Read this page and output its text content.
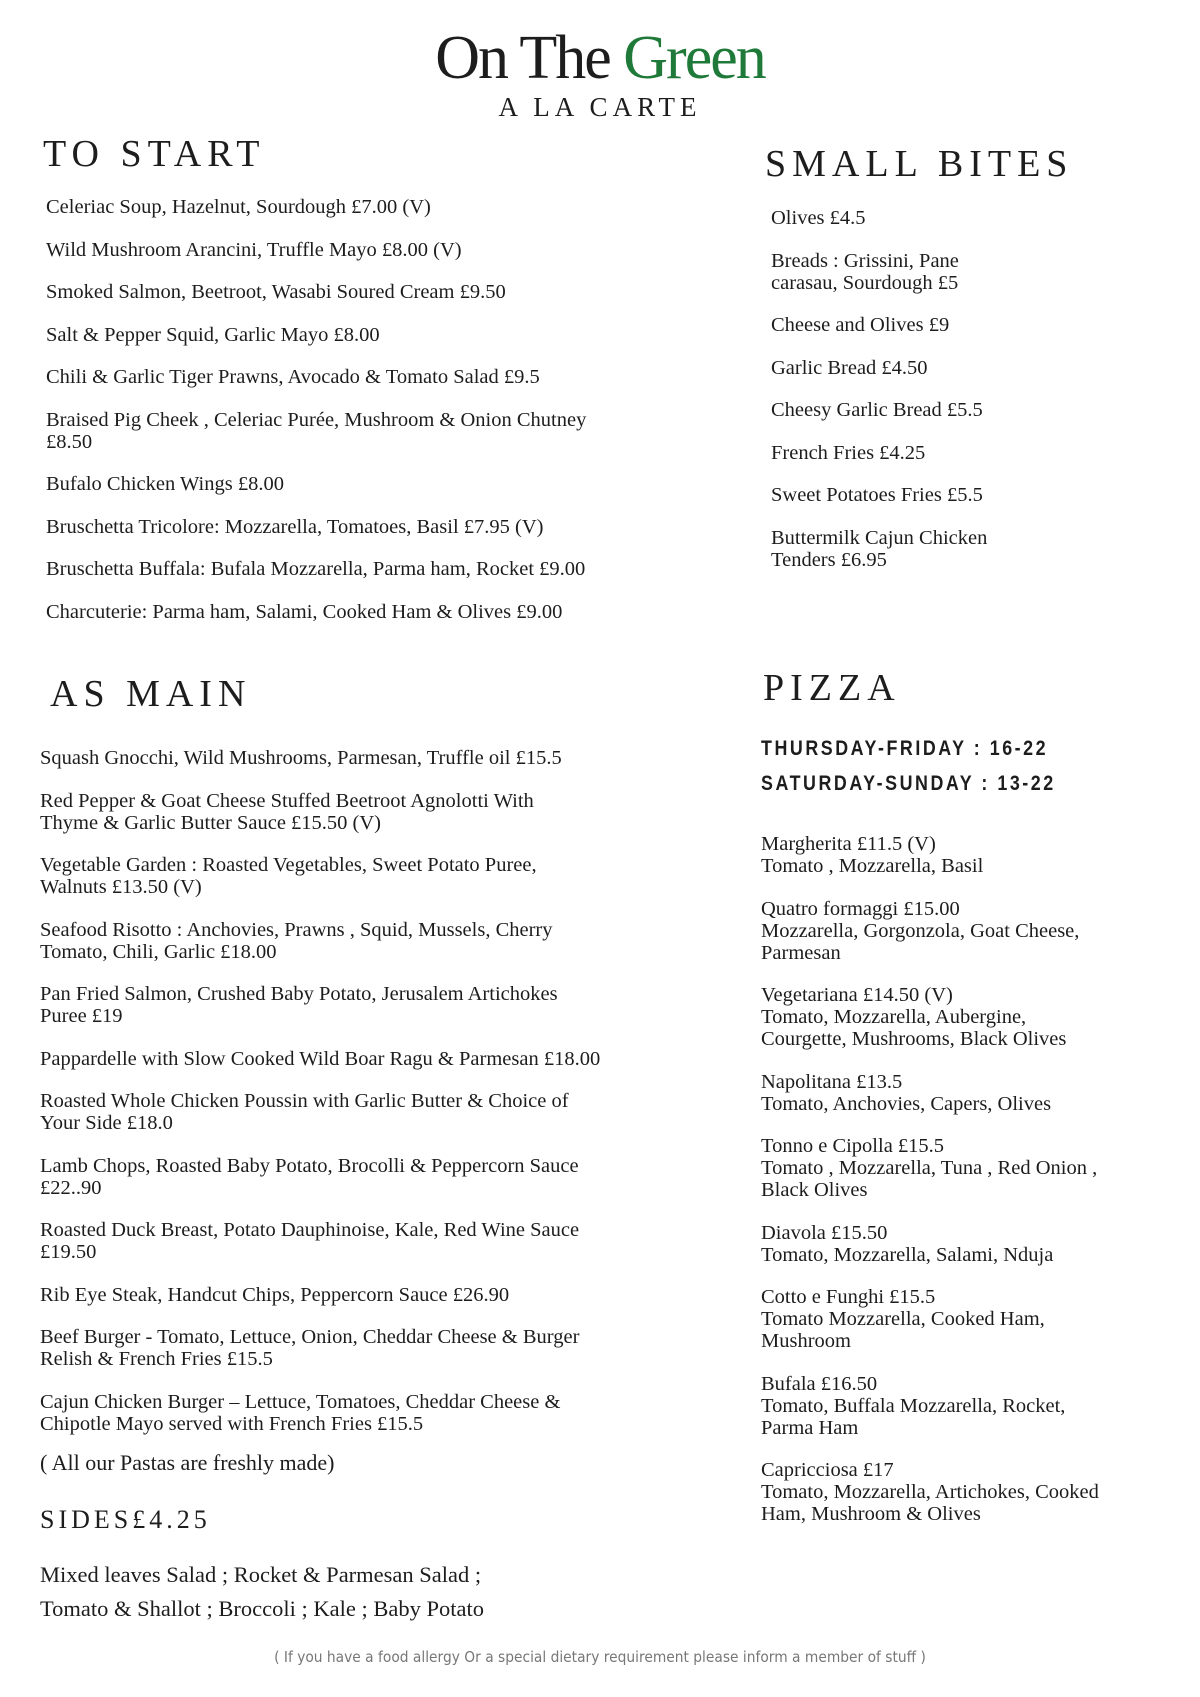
On The Green
A LA CARTE
TO START
Celeriac Soup, Hazelnut, Sourdough £7.00 (V)
Wild Mushroom Arancini, Truffle Mayo £8.00 (V)
Smoked Salmon, Beetroot, Wasabi Soured Cream £9.50
Salt & Pepper Squid, Garlic Mayo £8.00
Chili & Garlic Tiger Prawns, Avocado & Tomato Salad £9.5
Braised Pig Cheek , Celeriac Purée, Mushroom & Onion Chutney
£8.50
Bufalo Chicken Wings £8.00
Bruschetta Tricolore: Mozzarella, Tomatoes, Basil £7.95 (V)
Bruschetta Buffala: Bufala Mozzarella, Parma ham, Rocket £9.00
Charcuterie: Parma ham, Salami, Cooked Ham & Olives £9.00
SMALL BITES
Olives £4.5
Breads : Grissini, Pane
carasau, Sourdough £5
Cheese and Olives £9
Garlic Bread £4.50
Cheesy Garlic Bread £5.5
French Fries £4.25
Sweet Potatoes Fries £5.5
Buttermilk Cajun Chicken
Tenders £6.95
AS MAIN
Squash Gnocchi, Wild Mushrooms, Parmesan, Truffle oil £15.5
Red Pepper & Goat Cheese Stuffed Beetroot Agnolotti With
Thyme & Garlic Butter Sauce £15.50 (V)
Vegetable Garden : Roasted Vegetables, Sweet Potato Puree,
Walnuts £13.50 (V)
Seafood Risotto : Anchovies, Prawns , Squid, Mussels, Cherry
Tomato, Chili, Garlic £18.00
Pan Fried Salmon, Crushed Baby Potato, Jerusalem Artichokes
Puree £19
Pappardelle with Slow Cooked Wild Boar Ragu & Parmesan £18.00
Roasted Whole Chicken Poussin with Garlic Butter & Choice of
Your Side £18.0
Lamb Chops, Roasted Baby Potato, Brocolli & Peppercorn Sauce
£22..90
Roasted Duck Breast, Potato Dauphinoise, Kale, Red Wine Sauce
£19.50
Rib Eye Steak, Handcut Chips, Peppercorn Sauce £26.90
Beef Burger - Tomato, Lettuce, Onion, Cheddar Cheese & Burger
Relish & French Fries £15.5
Cajun Chicken Burger – Lettuce, Tomatoes, Cheddar Cheese &
Chipotle Mayo served with French Fries £15.5
( All our Pastas are freshly made)
SIDES£4.25
Mixed leaves Salad ; Rocket & Parmesan Salad ;
Tomato & Shallot ; Broccoli ; Kale ; Baby Potato
PIZZA
THURSDAY-FRIDAY : 16-22
SATURDAY-SUNDAY : 13-22
Margherita £11.5 (V)
Tomato , Mozzarella, Basil
Quatro formaggi £15.00
Mozzarella, Gorgonzola, Goat Cheese,
Parmesan
Vegetariana £14.50 (V)
Tomato, Mozzarella, Aubergine,
Courgette, Mushrooms, Black Olives
Napolitana £13.5
Tomato, Anchovies, Capers, Olives
Tonno e Cipolla £15.5
Tomato , Mozzarella, Tuna , Red Onion ,
Black Olives
Diavola £15.50
Tomato, Mozzarella, Salami, Nduja
Cotto e Funghi £15.5
Tomato Mozzarella, Cooked Ham,
Mushroom
Bufala £16.50
Tomato, Buffala Mozzarella, Rocket,
Parma Ham
Capricciosa £17
Tomato, Mozzarella, Artichokes, Cooked
Ham, Mushroom & Olives
( If you have a food allergy Or a special dietary requirement please inform a member of stuff )
